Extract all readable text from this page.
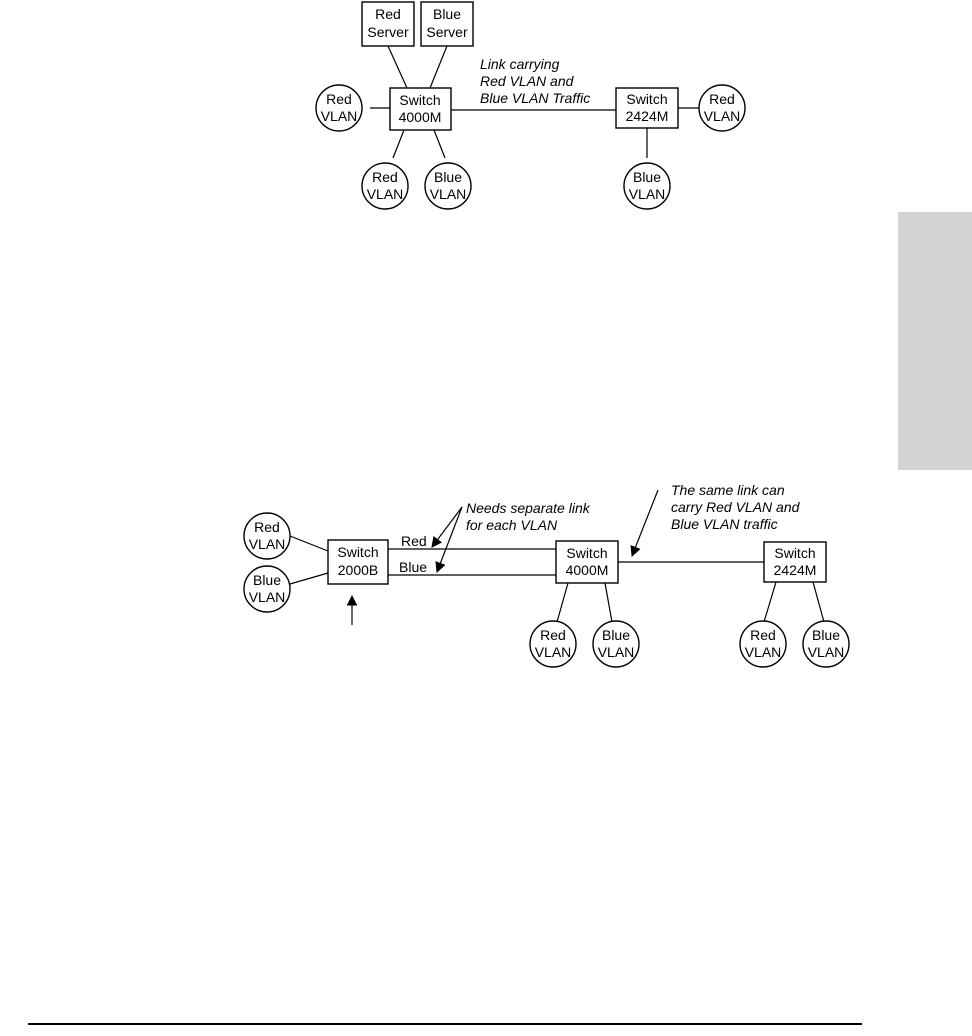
Red
Server
Blue
Server
Switch
4000M
Switch
2424M
Red
VLAN
Red
VLAN
Blue
VLAN
Red
VLAN
Blue
VLAN
Link carrying
Red VLAN and
Blue VLAN Traffic
Switch
2000B
Switch
4000M
Switch
2424M
Red
Blue
Red
VLAN
Blue
VLAN
Red
VLAN
Blue
VLAN
Red
VLAN
Blue
VLAN
Needs separate link
for each VLAN
The same link can
carry Red VLAN and
Blue VLAN traffic
